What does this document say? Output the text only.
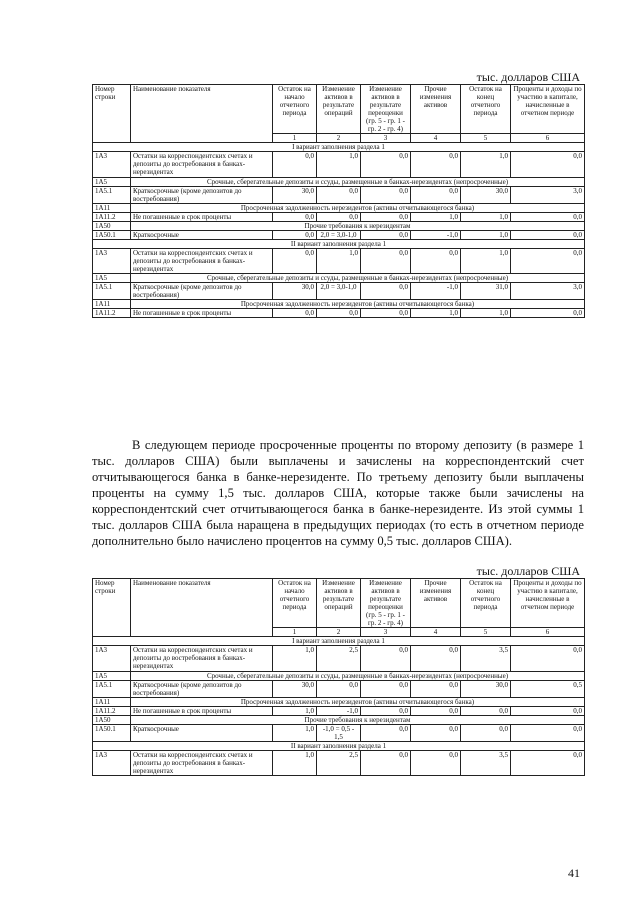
тыс. долларов США
Номер строки	Наименование показателя	Остаток на начало отчетного периода	Изменение активов в результате операций	Изменение активов в результате переоценки (гр. 5 - гр. 1 - гр. 2 - гр. 4)	Прочие изменения активов	Остаток на конец отчетного периода	Проценты и доходы по участию в капитале, начисленные в отчетном периоде
		1	2	3	4	5	6
I вариант заполнения раздела 1							
1А3	Остатки на корреспондентских счетах и депозиты до востребования в банках-нерезидентах	0,0	1,0	0,0	0,0	1,0	0,0
1А5	Срочные, сберегательные депозиты и ссуды, размещенные в банках-нерезидентах (непросроченные)						
1А5.1	Краткосрочные (кроме депозитов до востребования)	30,0	0,0	0,0	0,0	30,0	3,0
1А11	Просроченная задолженность нерезидентов (активы отчитывающегося банка)						
1А11.2	Не погашенные в срок проценты	0,0	0,0	0,0	1,0	1,0	0,0
1А50	Прочие требования к нерезидентам						
1А50.1	Краткосрочные	0,0	2,0 = 3,0-1,0	0,0	-1,0	1,0	0,0
II вариант заполнения раздела 1							
1А3	Остатки на корреспондентских счетах и депозиты до востребования в банках-нерезидентах	0,0	1,0	0,0	0,0	1,0	0,0
1А5	Срочные, сберегательные депозиты и ссуды, размещенные в банках-нерезидентах (непросроченные)						
1А5.1	Краткосрочные (кроме депозитов до востребования)	30,0	2,0 = 3,0-1,0	0,0	-1,0	31,0	3,0
1А11	Просроченная задолженность нерезидентов (активы отчитывающегося банка)						
1А11.2	Не погашенные в срок проценты	0,0	0,0	0,0	1,0	1,0	0,0

В следующем периоде просроченные проценты по второму депозиту (в размере 1 тыс. долларов США) были выплачены и зачислены на корреспондентский счет отчитывающегося банка в банке-нерезиденте. По третьему депозиту были выплачены проценты на сумму 1,5 тыс. долларов США, которые также были зачислены на корреспондентский счет отчитывающегося банка в банке-нерезиденте. Из этой суммы 1 тыс. долларов США была наращена в предыдущих периодах (то есть в отчетном периоде дополнительно было начислено процентов на сумму 0,5 тыс. долларов США).

тыс. долларов США
Номер строки	Наименование показателя	Остаток на начало отчетного периода	Изменение активов в результате операций	Изменение активов в результате переоценки (гр. 5 - гр. 1 - гр. 2 - гр. 4)	Прочие изменения активов	Остаток на конец отчетного периода	Проценты и доходы по участию в капитале, начисленные в отчетном периоде
		1	2	3	4	5	6
I вариант заполнения раздела 1							
1А3	Остатки на корреспондентских счетах и депозиты до востребования в банках-нерезидентах	1,0	2,5	0,0	0,0	3,5	0,0
1А5	Срочные, сберегательные депозиты и ссуды, размещенные в банках-нерезидентах (непросроченные)						
1А5.1	Краткосрочные (кроме депозитов до востребования)	30,0	0,0	0,0	0,0	30,0	0,5
1А11	Просроченная задолженность нерезидентов (активы отчитывающегося банка)						
1А11.2	Не погашенные в срок проценты	1,0	-1,0	0,0	0,0	0,0	0,0
1А50	Прочие требования к нерезидентам						
1А50.1	Краткосрочные	1,0	-1,0 = 0,5 - 1,5	0,0	0,0	0,0	0,0
II вариант заполнения раздела 1							
1А3	Остатки на корреспондентских счетах и депозиты до востребования в банках-нерезидентах	1,0	2,5	0,0	0,0	3,5	0,0
41
